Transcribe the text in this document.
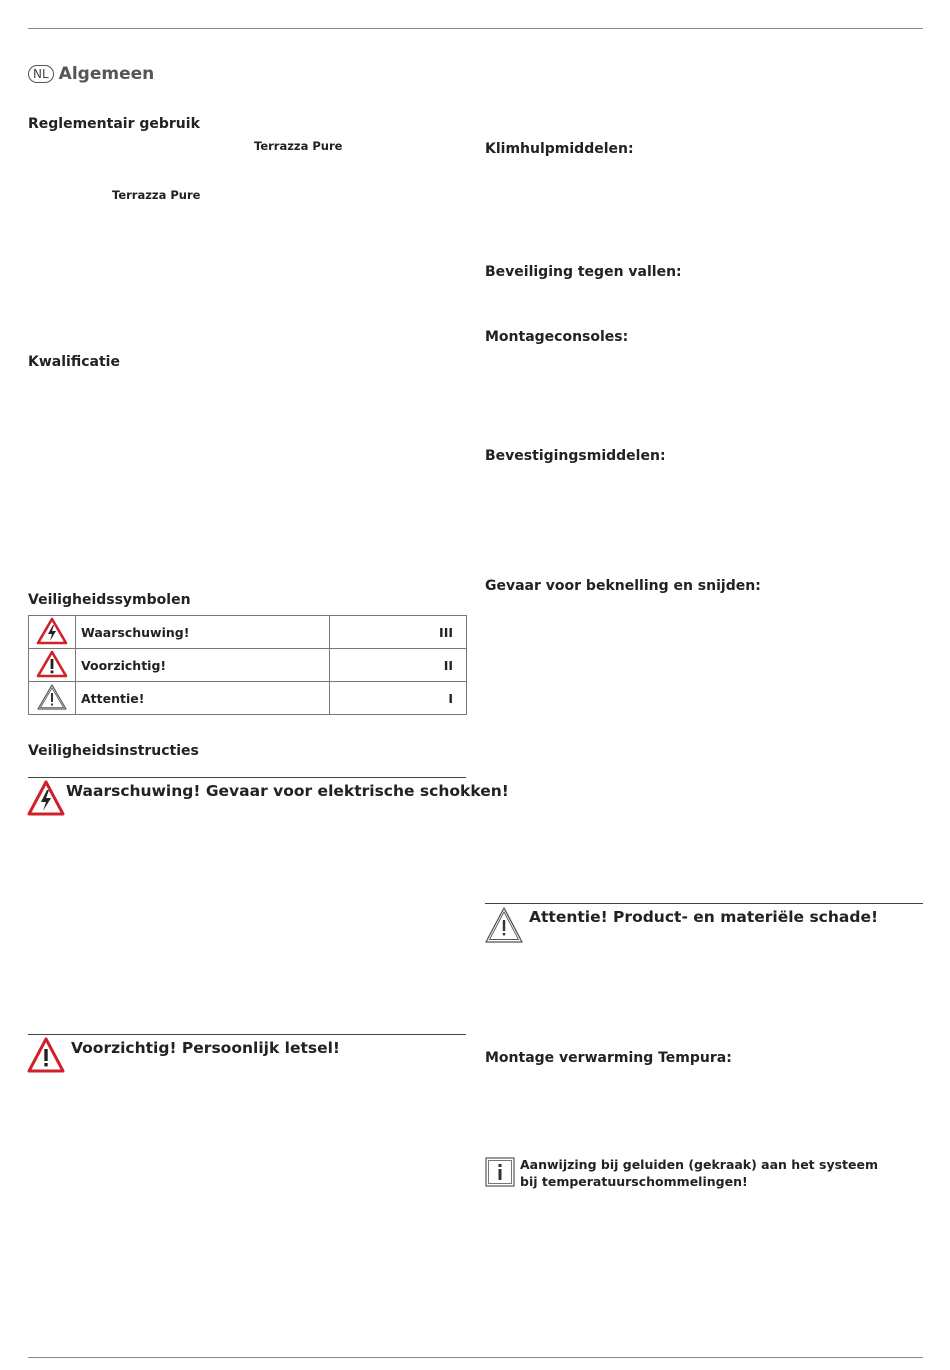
NL Algemeen
Reglementair gebruik
Terrazza Pure
Terrazza Pure
Kwalificatie
Veiligheidssymbolen
	Waarschuwing!	III
	Voorzichtig!	II
	Attentie!	I
Veiligheidsinstructies
Waarschuwing! Gevaar voor elektrische schokken!
Voorzichtig! Persoonlijk letsel!
Klimhulpmiddelen:
Beveiliging tegen vallen:
Montageconsoles:
Bevestigingsmiddelen:
Gevaar voor beknelling en snijden:
Attentie! Product- en materiële schade!
Montage verwarming Tempura:
Aanwijzing bij geluiden (gekraak) aan het systeem
bij temperatuurschommelingen!
